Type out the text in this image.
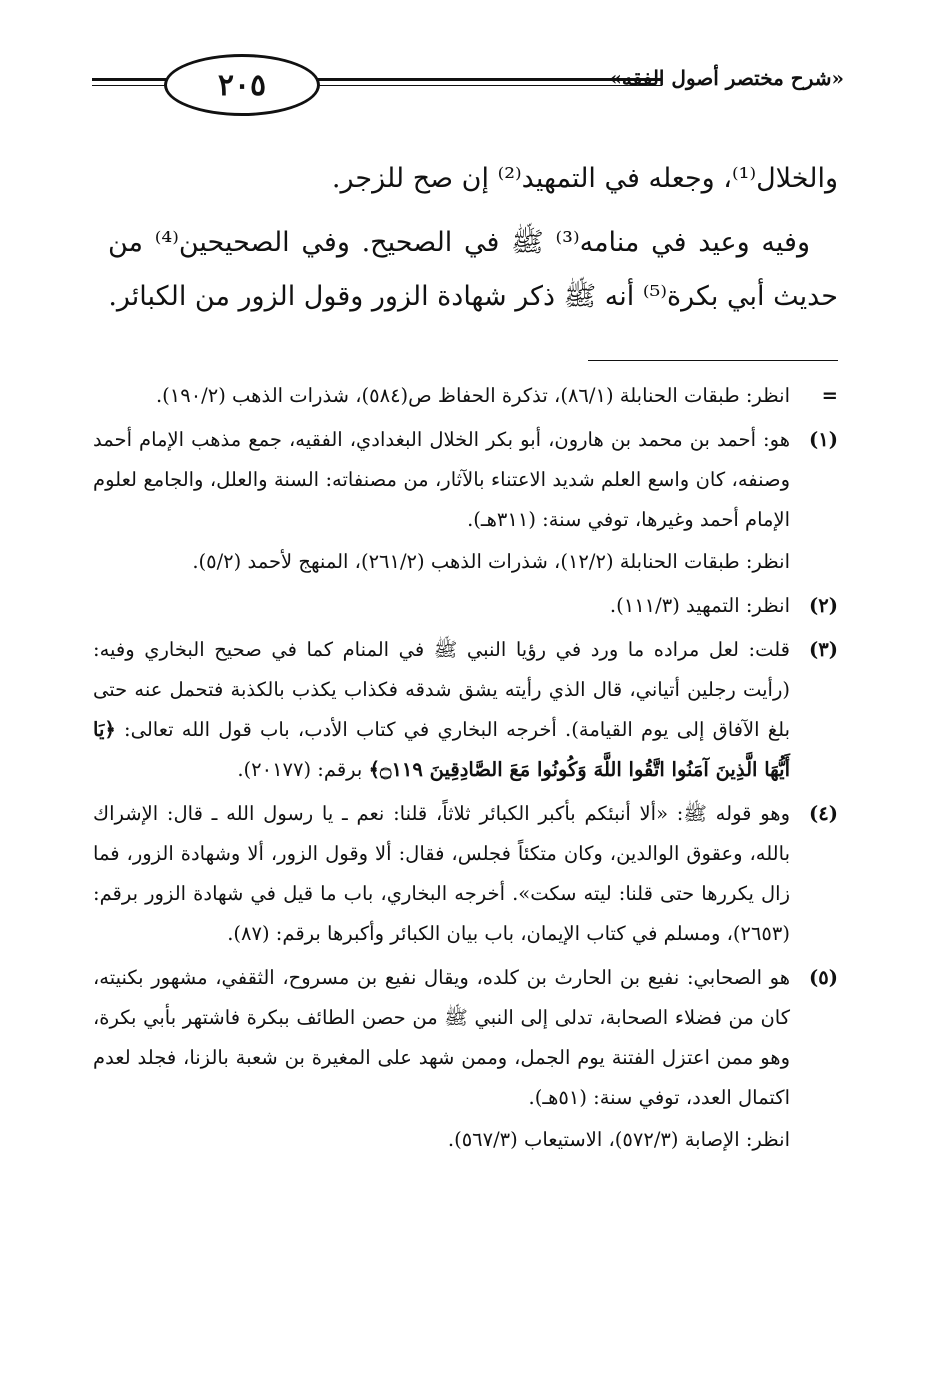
٢٠٥	«شرح مختصر أصول الفقه»

والخلال⁽¹⁾، وجعله في التمهيد⁽²⁾ إن صح للزجر.

وفيه وعيد في منامه⁽³⁾ ﷺ في الصحيح. وفي الصحيحين⁽⁴⁾ من حديث أبي بكرة⁽⁵⁾ أنه ﷺ ذكر شهادة الزور وقول الزور من الكبائر.

=
انظر: طبقات الحنابلة (٨٦/١)، تذكرة الحفاظ ص(٥٨٤)، شذرات الذهب (١٩٠/٢).
(١)
هو: أحمد بن محمد بن هارون، أبو بكر الخلال البغدادي، الفقيه، جمع مذهب الإمام أحمد وصنفه، كان واسع العلم شديد الاعتناء بالآثار، من مصنفاته: السنة والعلل، والجامع لعلوم الإمام أحمد وغيرها، توفي سنة: (٣١١هـ).
انظر: طبقات الحنابلة (١٢/٢)، شذرات الذهب (٢٦١/٢)، المنهج لأحمد (٥/٢).
(٢)
انظر: التمهيد (١١١/٣).
(٣)
قلت: لعل مراده ما ورد في رؤيا النبي ﷺ في المنام كما في صحيح البخاري وفيه: (رأيت رجلين أتياني، قال الذي رأيته يشق شدقه فكذاب يكذب بالكذبة فتحمل عنه حتى بلغ الآفاق إلى يوم القيامة). أخرجه البخاري في كتاب الأدب، باب قول الله تعالى: ﴿يَا أَيُّهَا الَّذِينَ آمَنُوا اتَّقُوا اللَّهَ وَكُونُوا مَعَ الصَّادِقِينَ ۝١١٩﴾ برقم: (٢٠١٧٧).
(٤)
وهو قوله ﷺ: «ألا أنبئكم بأكبر الكبائر ثلاثاً، قلنا: نعم ـ يا رسول الله ـ قال: الإشراك بالله، وعقوق الوالدين، وكان متكئاً فجلس، فقال: ألا وقول الزور، ألا وشهادة الزور، فما زال يكررها حتى قلنا: ليته سكت». أخرجه البخاري، باب ما قيل في شهادة الزور برقم: (٢٦٥٣)، ومسلم في كتاب الإيمان، باب بيان الكبائر وأكبرها برقم: (٨٧).
(٥)
هو الصحابي: نفيع بن الحارث بن كلده، ويقال نفيع بن مسروح، الثقفي، مشهور بكنيته، كان من فضلاء الصحابة، تدلى إلى النبي ﷺ من حصن الطائف ببكرة فاشتهر بأبي بكرة، وهو ممن اعتزل الفتنة يوم الجمل، وممن شهد على المغيرة بن شعبة بالزنا، فجلد لعدم اكتمال العدد، توفي سنة: (٥١هـ).
انظر: الإصابة (٥٧٢/٣)، الاستيعاب (٥٦٧/٣).
